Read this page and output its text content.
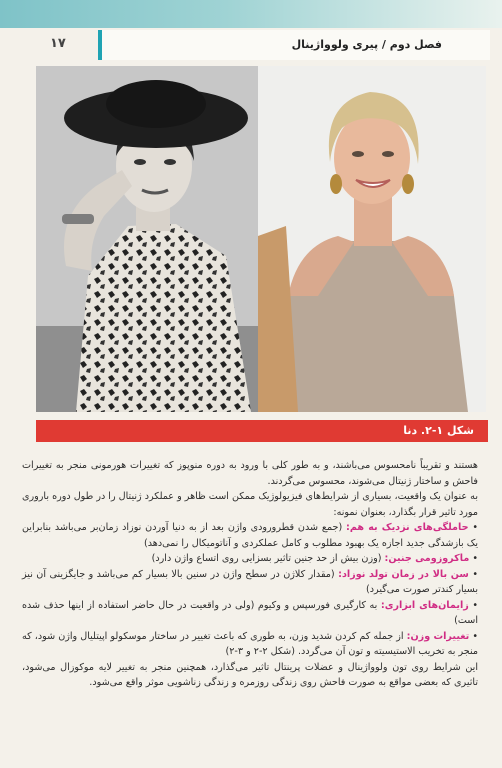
فصل دوم / پیری ولوواژینال
۱۷
شکل ۱-۲. دنا

هستند و تقریباً نامحسوس می‌باشند، و به طور کلی با ورود به دوره منوپوز که تغییرات هورمونی منجر به تغییرات فاحش و ساختار ژنیتال می‌شوند، محسوس می‌گردند.

به عنوان یک واقعیت، بسیاری از شرایط‌های فیزیولوژیک ممکن است ظاهر و عملکرد ژنیتال را در طول دوره باروری مورد تاثیر قرار بگذارد، بعنوان نمونه:

• حاملگی‌های نزدیک به هم: (جمع شدن قطرورودی واژن بعد از به دنیا آوردن نوزاد زمان‌بر می‌باشد بنابراین یک بازشدگی جدید اجازه یک بهبود مطلوب و کامل عملکردی و آناتومیکال را نمی‌دهد)

• ماکروزومی جنین: (وزن بیش از حد جنین تاثیر بسزایی روی اتساع واژن دارد)

• سن بالا در زمان تولد نوزاد: (مقدار کلاژن در سطح واژن در سنین بالا بسیار کم می‌باشد و جایگزینی آن نیز بسیار کندتر صورت می‌گیرد)

• زایمان‌های ابزاری: به کارگیری فورسپس و وکیوم (ولی در واقعیت در حال حاضر استفاده از اینها حذف شده است)

• تغییرات وزن: از جمله کم کردن شدید وزن، به طوری که باعث تغییر در ساختار موسکولو اپیتلیال واژن شود، که منجر به تخریب الاستیسیته و تون آن می‌گردد. (شکل ۲-۲ و ۳-۲)

این شرایط روی تون ولوواژینال و عضلات پرینتال تاثیر می‌گذارد، همچنین منجر به تغییر لایه موکوزال می‌شود، تاثیری که بعضی مواقع به صورت فاحش روی زندگی روزمره و زندگی زناشویی موثر واقع می‌شود.
